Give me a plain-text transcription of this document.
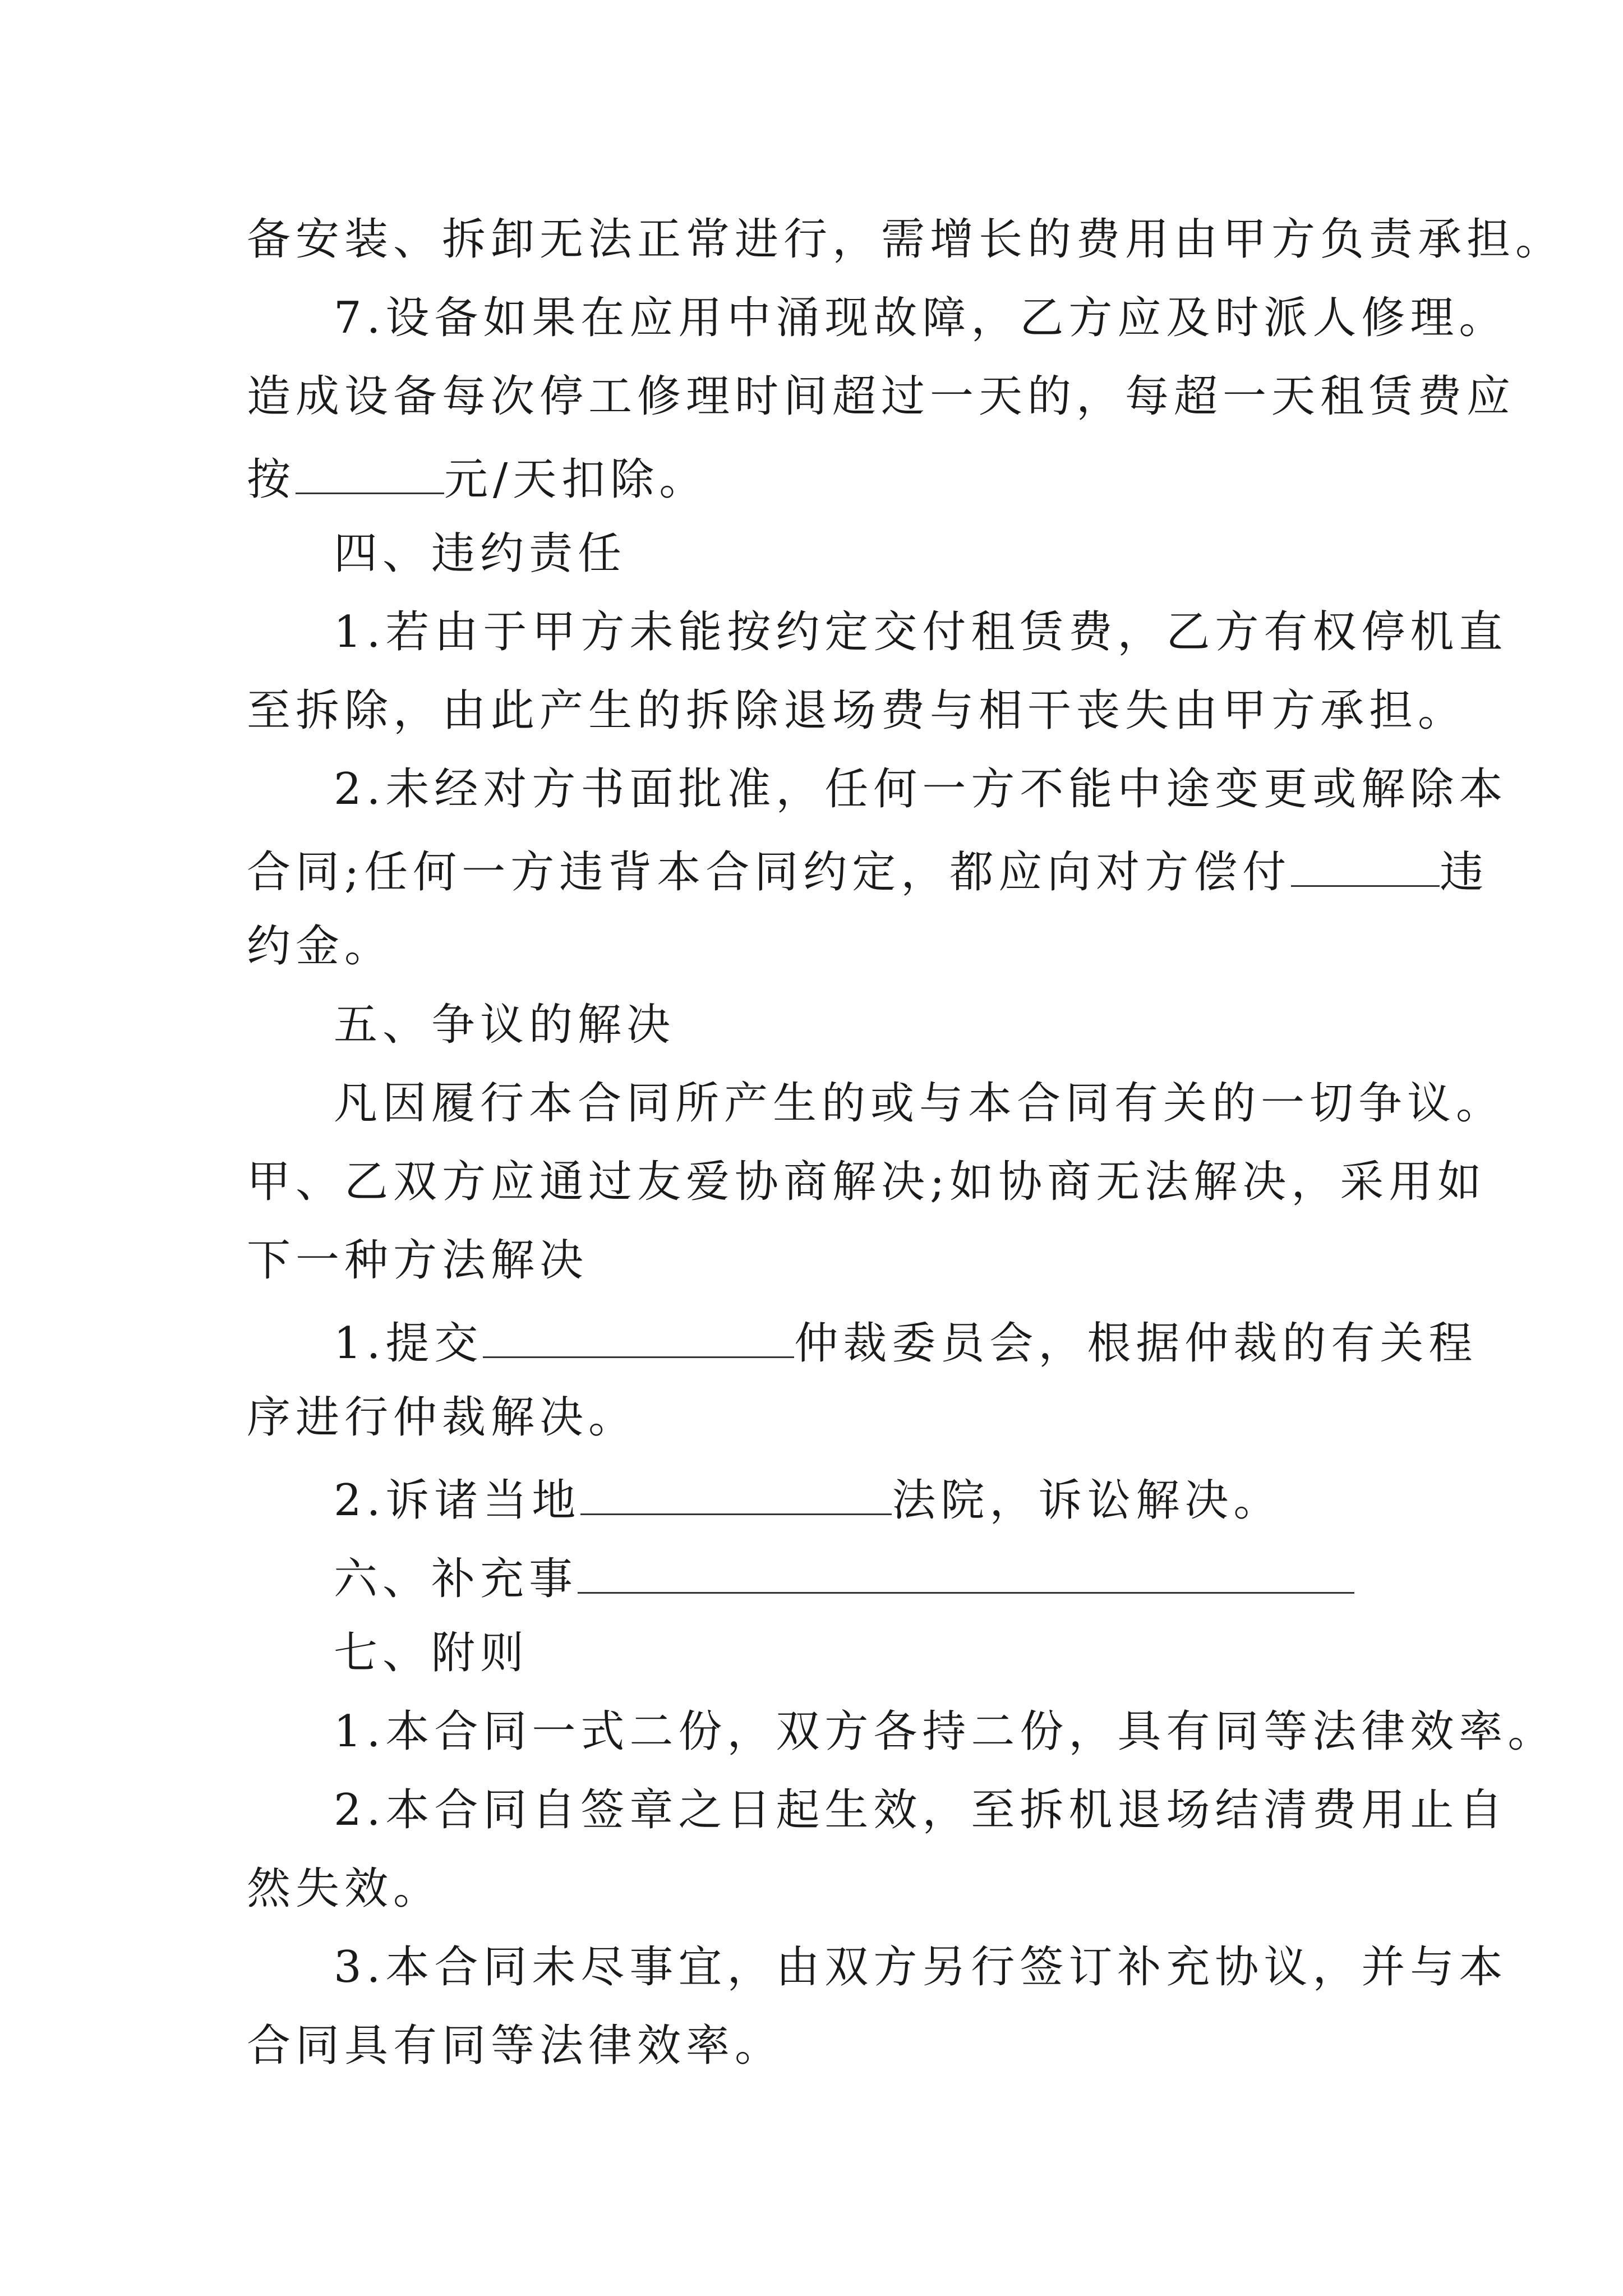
备安装、拆卸无法正常进行，需增长的费用由甲方负责承担。
7.设备如果在应用中涌现故障，乙方应及时派人修理。
造成设备每次停工修理时间超过一天的，每超一天租赁费应
按	元/天扣除。
四、违约责任
1.若由于甲方未能按约定交付租赁费，乙方有权停机直
至拆除，由此产生的拆除退场费与相干丧失由甲方承担。
2.未经对方书面批准，任何一方不能中途变更或解除本
合同;任何一方违背本合同约定，都应向对方偿付	违
约金。
五、争议的解决
凡因履行本合同所产生的或与本合同有关的一切争议。
甲、乙双方应通过友爱协商解决;如协商无法解决，采用如
下一种方法解决
1.提交	仲裁委员会，根据仲裁的有关程
序进行仲裁解决。
2.诉诸当地	法院，诉讼解决。
六、补充事
七、附则
1.本合同一式二份，双方各持二份，具有同等法律效率。
2.本合同自签章之日起生效，至拆机退场结清费用止自
然失效。
3.本合同未尽事宜，由双方另行签订补充协议，并与本
合同具有同等法律效率。
